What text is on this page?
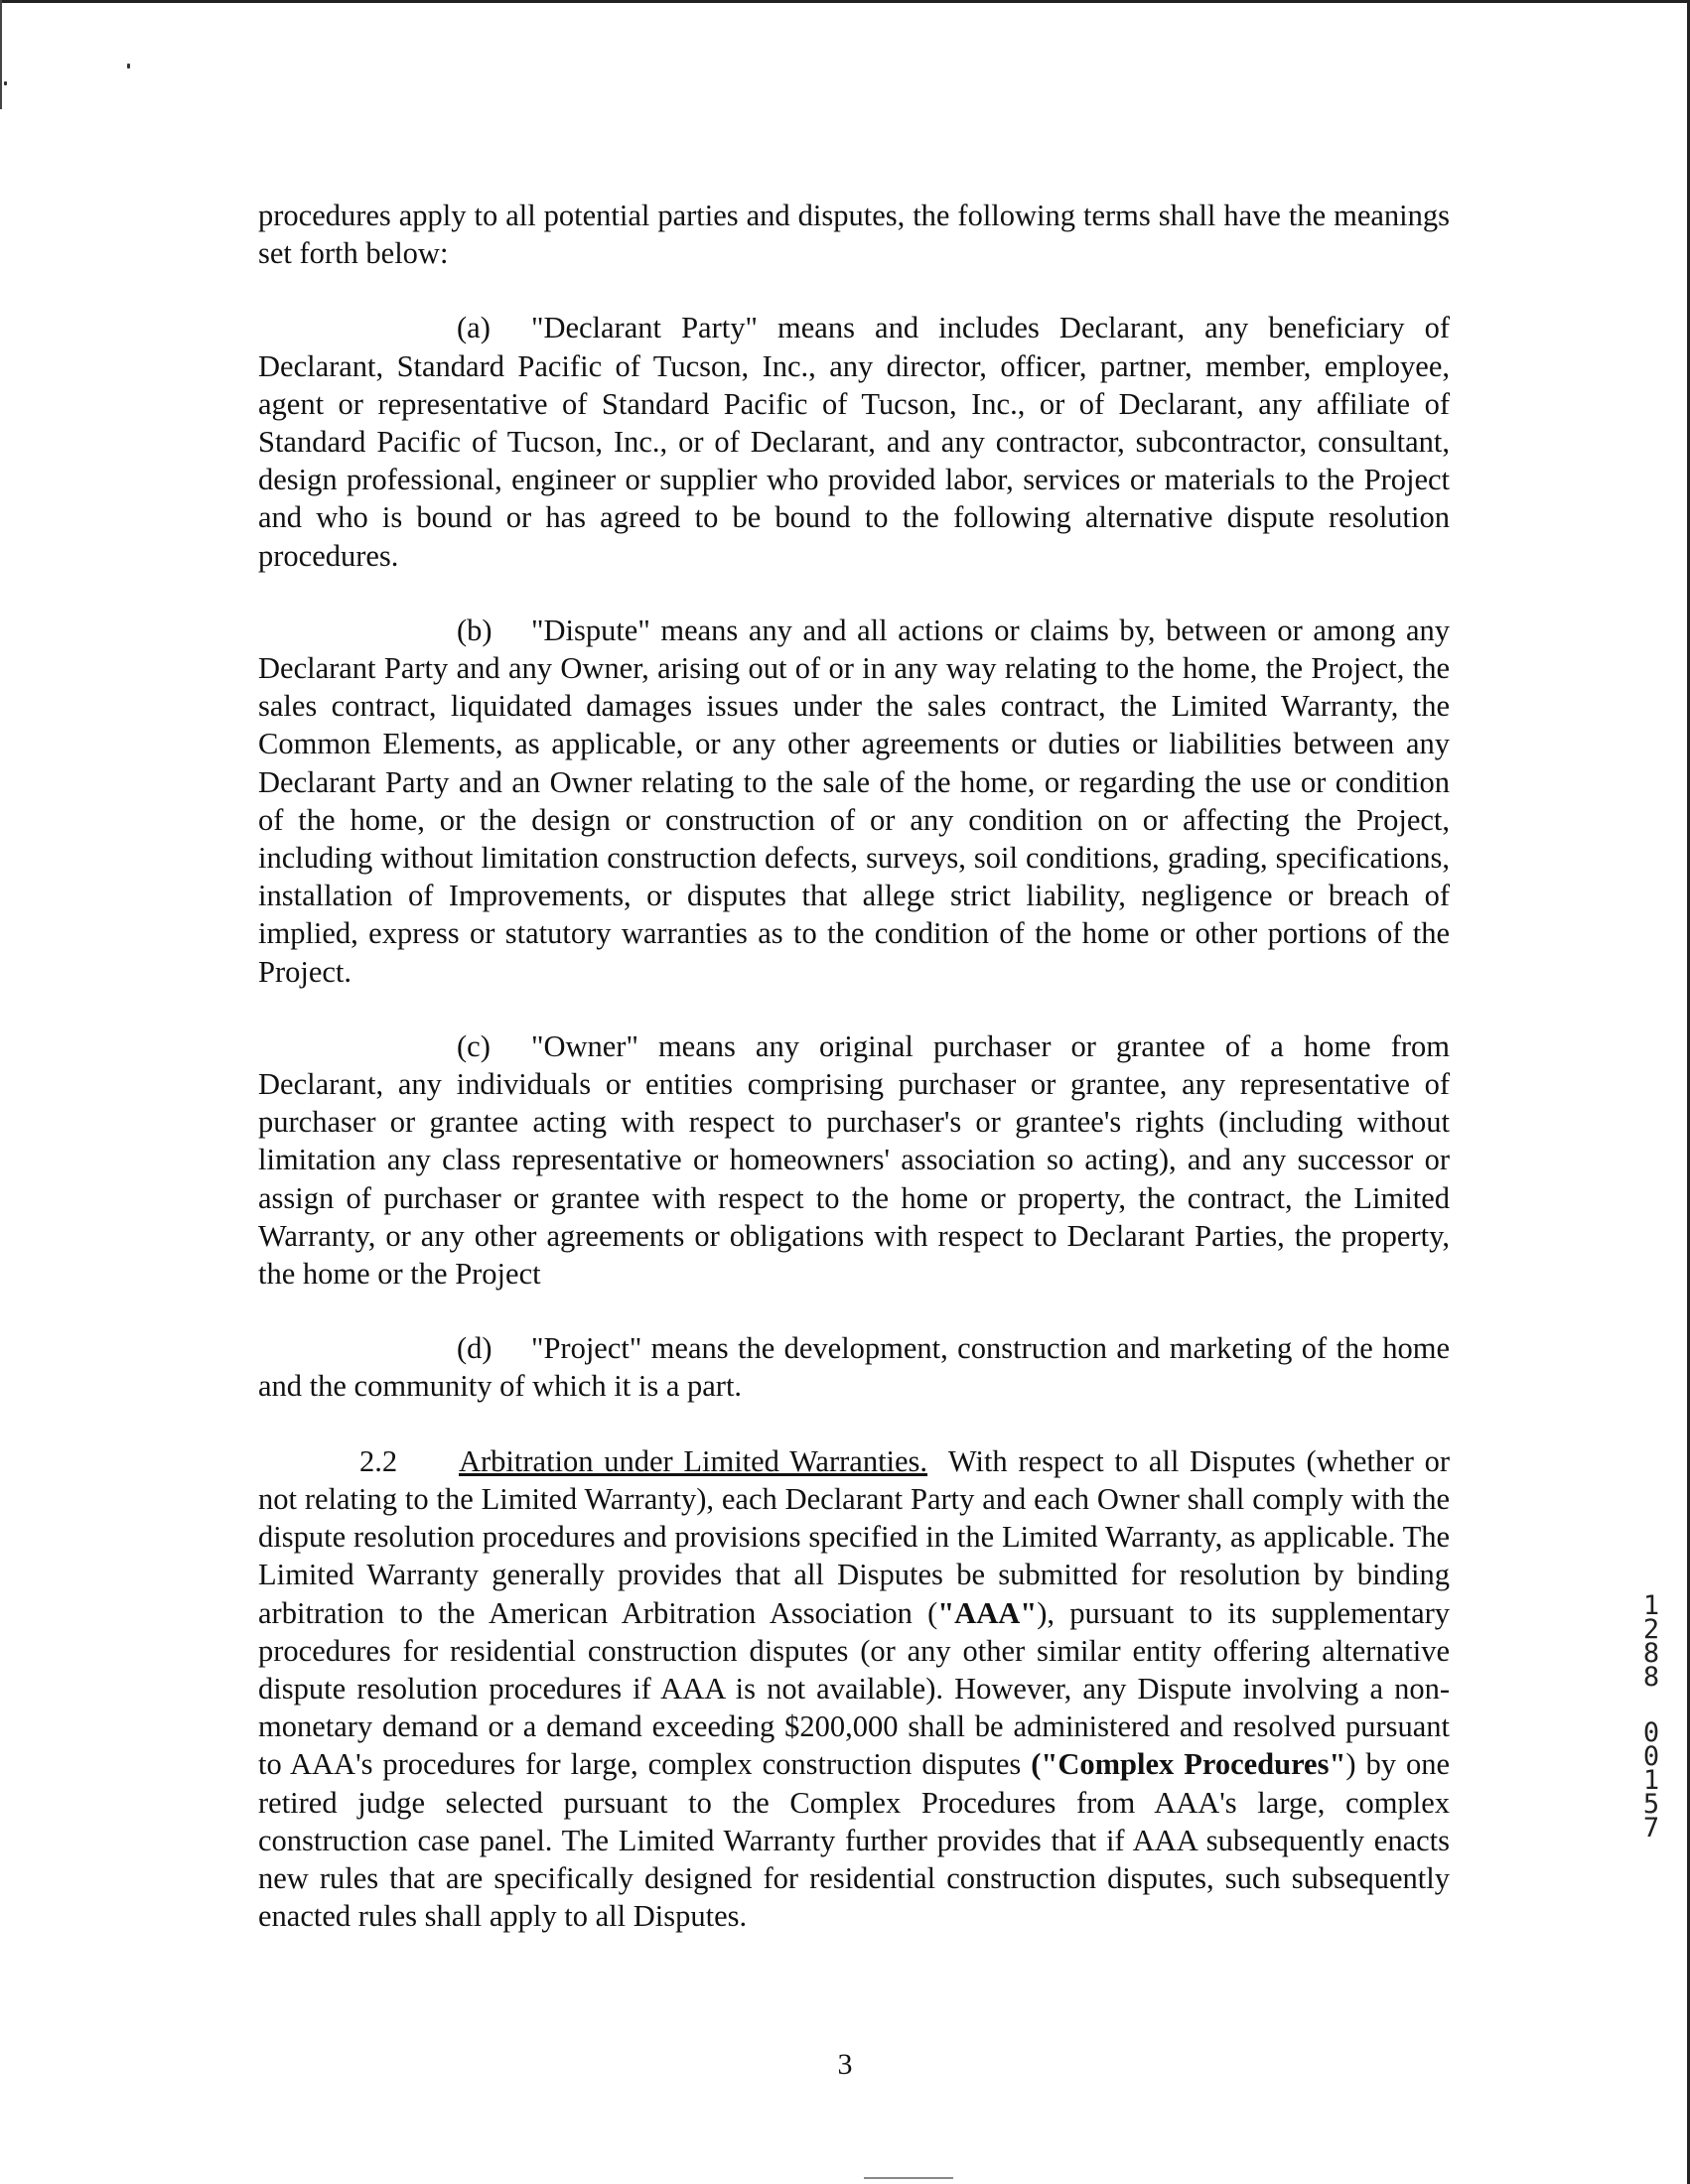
procedures apply to all potential parties and disputes, the following terms shall have the meanings set forth below:

(a) "Declarant Party" means and includes Declarant, any beneficiary of Declarant, Standard Pacific of Tucson, Inc., any director, officer, partner, member, employee, agent or representative of Standard Pacific of Tucson, Inc., or of Declarant, any affiliate of Standard Pacific of Tucson, Inc., or of Declarant, and any contractor, subcontractor, consultant, design professional, engineer or supplier who provided labor, services or materials to the Project and who is bound or has agreed to be bound to the following alternative dispute resolution procedures.

(b) "Dispute" means any and all actions or claims by, between or among any Declarant Party and any Owner, arising out of or in any way relating to the home, the Project, the sales contract, liquidated damages issues under the sales contract, the Limited Warranty, the Common Elements, as applicable, or any other agreements or duties or liabilities between any Declarant Party and an Owner relating to the sale of the home, or regarding the use or condition of the home, or the design or construction of or any condition on or affecting the Project, including without limitation construction defects, surveys, soil conditions, grading, specifications, installation of Improvements, or disputes that allege strict liability, negligence or breach of implied, express or statutory warranties as to the condition of the home or other portions of the Project.

(c) "Owner" means any original purchaser or grantee of a home from Declarant, any individuals or entities comprising purchaser or grantee, any representative of purchaser or grantee acting with respect to purchaser's or grantee's rights (including without limitation any class representative or homeowners' association so acting), and any successor or assign of purchaser or grantee with respect to the home or property, the contract, the Limited Warranty, or any other agreements or obligations with respect to Declarant Parties, the property, the home or the Project

(d) "Project" means the development, construction and marketing of the home and the community of which it is a part.

2.2 Arbitration under Limited Warranties. With respect to all Disputes (whether or not relating to the Limited Warranty), each Declarant Party and each Owner shall comply with the dispute resolution procedures and provisions specified in the Limited Warranty, as applicable. The Limited Warranty generally provides that all Disputes be submitted for resolution by binding arbitration to the American Arbitration Association ("AAA"), pursuant to its supplementary procedures for residential construction disputes (or any other similar entity offering alternative dispute resolution procedures if AAA is not available). However, any Dispute involving a non-monetary demand or a demand exceeding $200,000 shall be administered and resolved pursuant to AAA's procedures for large, complex construction disputes ("Complex Procedures") by one retired judge selected pursuant to the Complex Procedures from AAA's large, complex construction case panel. The Limited Warranty further provides that if AAA subsequently enacts new rules that are specifically designed for residential construction disputes, such subsequently enacted rules shall apply to all Disputes.

3
1
2
8
8
0
0
1
5
7
